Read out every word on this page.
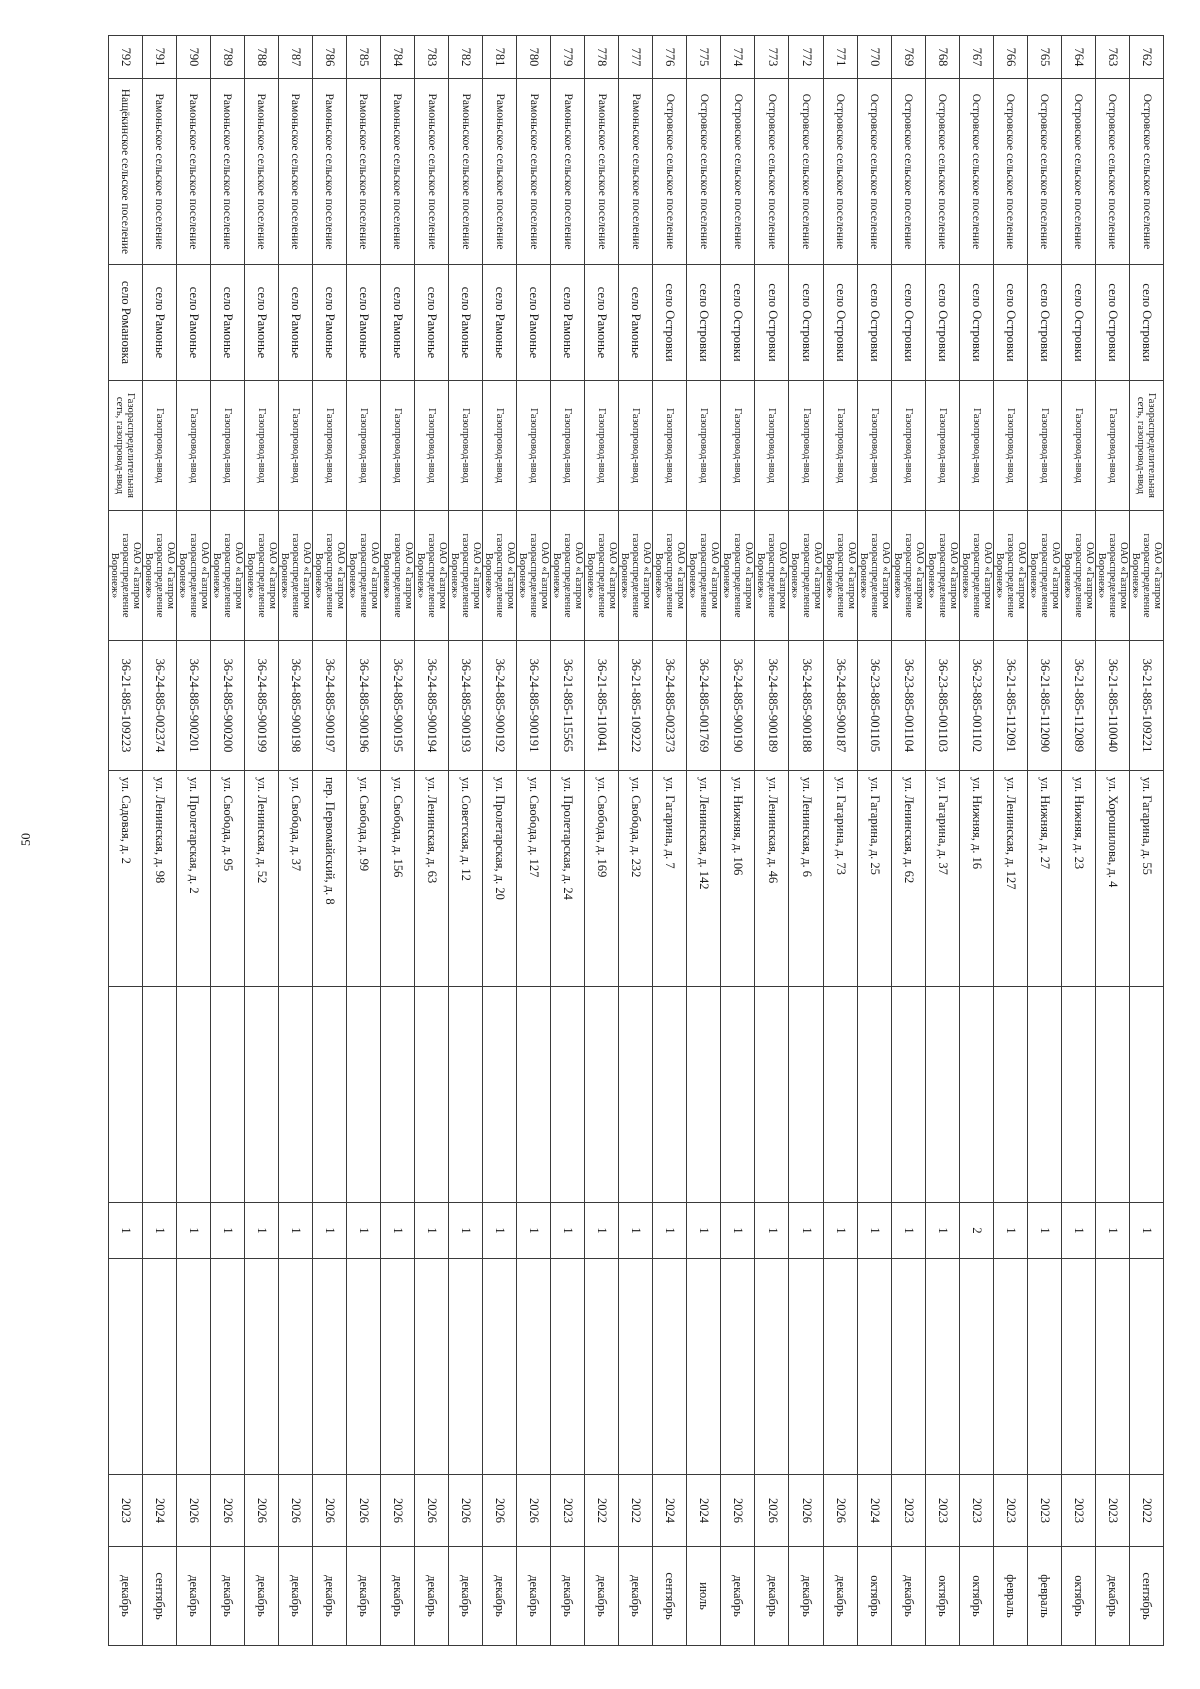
50
762	Островское сельское поселение	село Островки	Газораспределительная сеть, газопровод-ввод	ОАО «Газпром газораспределение Воронеж»	36-21-885-109221	ул. Гагарина, д. 55		1		2022	сентябрь
763	Островское сельское поселение	село Островки	Газопровод-ввод	ОАО «Газпром газораспределение Воронеж»	36-21-885-110040	ул. Хорошилова, д. 4		1		2023	декабрь
764	Островское сельское поселение	село Островки	Газопровод-ввод	ОАО «Газпром газораспределение Воронеж»	36-21-885-112089	ул. Нижняя, д. 23		1		2023	октябрь
765	Островское сельское поселение	село Островки	Газопровод-ввод	ОАО «Газпром газораспределение Воронеж»	36-21-885-112090	ул. Нижняя, д. 27		1		2023	февраль
766	Островское сельское поселение	село Островки	Газопровод-ввод	ОАО «Газпром газораспределение Воронеж»	36-21-885-112091	ул. Ленинская, д. 127		1		2023	февраль
767	Островское сельское поселение	село Островки	Газопровод-ввод	ОАО «Газпром газораспределение Воронеж»	36-23-885-001102	ул. Нижняя, д. 16		2		2023	октябрь
768	Островское сельское поселение	село Островки	Газопровод-ввод	ОАО «Газпром газораспределение Воронеж»	36-23-885-001103	ул. Гагарина, д. 37		1		2023	октябрь
769	Островское сельское поселение	село Островки	Газопровод-ввод	ОАО «Газпром газораспределение Воронеж»	36-23-885-001104	ул. Ленинская, д. 62		1		2023	декабрь
770	Островское сельское поселение	село Островки	Газопровод-ввод	ОАО «Газпром газораспределение Воронеж»	36-23-885-001105	ул. Гагарина, д. 25		1		2024	октябрь
771	Островское сельское поселение	село Островки	Газопровод-ввод	ОАО «Газпром газораспределение Воронеж»	36-24-885-900187	ул. Гагарина, д. 73		1		2026	декабрь
772	Островское сельское поселение	село Островки	Газопровод-ввод	ОАО «Газпром газораспределение Воронеж»	36-24-885-900188	ул. Ленинская, д. 6		1		2026	декабрь
773	Островское сельское поселение	село Островки	Газопровод-ввод	ОАО «Газпром газораспределение Воронеж»	36-24-885-900189	ул. Ленинская, д. 46		1		2026	декабрь
774	Островское сельское поселение	село Островки	Газопровод-ввод	ОАО «Газпром газораспределение Воронеж»	36-24-885-900190	ул. Нижняя, д. 106		1		2026	декабрь
775	Островское сельское поселение	село Островки	Газопровод-ввод	ОАО «Газпром газораспределение Воронеж»	36-24-885-001769	ул. Ленинская, д. 142		1		2024	июль
776	Островское сельское поселение	село Островки	Газопровод-ввод	ОАО «Газпром газораспределение Воронеж»	36-24-885-002373	ул. Гагарина, д. 7		1		2024	сентябрь
777	Рамоньское сельское поселение	село Рамонье	Газопровод-ввод	ОАО «Газпром газораспределение Воронеж»	36-21-885-109222	ул. Свобода, д. 232		1		2022	декабрь
778	Рамоньское сельское поселение	село Рамонье	Газопровод-ввод	ОАО «Газпром газораспределение Воронеж»	36-21-885-110041	ул. Свобода, д. 169		1		2022	декабрь
779	Рамоньское сельское поселение	село Рамонье	Газопровод-ввод	ОАО «Газпром газораспределение Воронеж»	36-21-885-115565	ул. Пролетарская, д. 24		1		2023	декабрь
780	Рамоньское сельское поселение	село Рамонье	Газопровод-ввод	ОАО «Газпром газораспределение Воронеж»	36-24-885-900191	ул. Свобода, д. 127		1		2026	декабрь
781	Рамоньское сельское поселение	село Рамонье	Газопровод-ввод	ОАО «Газпром газораспределение Воронеж»	36-24-885-900192	ул. Пролетарская, д. 20		1		2026	декабрь
782	Рамоньское сельское поселение	село Рамонье	Газопровод-ввод	ОАО «Газпром газораспределение Воронеж»	36-24-885-900193	ул. Советская, д. 12		1		2026	декабрь
783	Рамоньское сельское поселение	село Рамонье	Газопровод-ввод	ОАО «Газпром газораспределение Воронеж»	36-24-885-900194	ул. Ленинская, д. 63		1		2026	декабрь
784	Рамоньское сельское поселение	село Рамонье	Газопровод-ввод	ОАО «Газпром газораспределение Воронеж»	36-24-885-900195	ул. Свобода, д. 156		1		2026	декабрь
785	Рамоньское сельское поселение	село Рамонье	Газопровод-ввод	ОАО «Газпром газораспределение Воронеж»	36-24-885-900196	ул. Свобода, д. 99		1		2026	декабрь
786	Рамоньское сельское поселение	село Рамонье	Газопровод-ввод	ОАО «Газпром газораспределение Воронеж»	36-24-885-900197	пер. Первомайский, д. 8		1		2026	декабрь
787	Рамоньское сельское поселение	село Рамонье	Газопровод-ввод	ОАО «Газпром газораспределение Воронеж»	36-24-885-900198	ул. Свобода, д. 37		1		2026	декабрь
788	Рамоньское сельское поселение	село Рамонье	Газопровод-ввод	ОАО «Газпром газораспределение Воронеж»	36-24-885-900199	ул. Ленинская, д. 52		1		2026	декабрь
789	Рамоньское сельское поселение	село Рамонье	Газопровод-ввод	ОАО «Газпром газораспределение Воронеж»	36-24-885-900200	ул. Свобода, д. 95		1		2026	декабрь
790	Рамоньское сельское поселение	село Рамонье	Газопровод-ввод	ОАО «Газпром газораспределение Воронеж»	36-24-885-900201	ул. Пролетарская, д. 2		1		2026	декабрь
791	Рамоньское сельское поселение	село Рамонье	Газопровод-ввод	ОАО «Газпром газораспределение Воронеж»	36-24-885-002374	ул. Ленинская, д. 98		1		2024	сентябрь
792	Нащёкинское сельское поселение	село Романовка	Газораспределительная сеть, газопровод-ввод	ОАО «Газпром газораспределение Воронеж»	36-21-885-109223	ул. Садовая, д. 2		1		2023	декабрь
